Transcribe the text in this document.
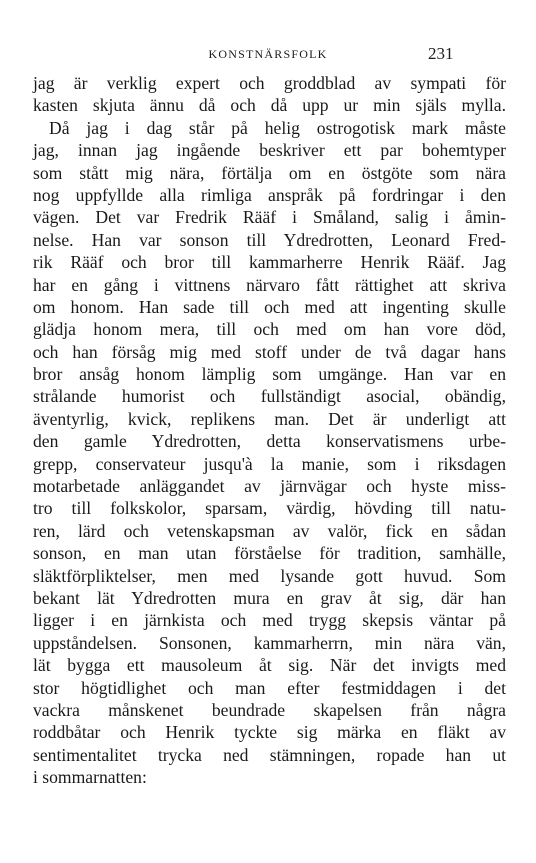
KONSTNÄRSFOLK	231
jag är verklig expert och groddblad av sympati för
kasten skjuta ännu då och då upp ur min själs mylla.
Då jag i dag står på helig ostrogotisk mark måste
jag, innan jag ingående beskriver ett par bohemtyper
som stått mig nära, förtälja om en östgöte som nära
nog uppfyllde alla rimliga anspråk på fordringar i den
vägen. Det var Fredrik Rääf i Småland, salig i åmin-
nelse. Han var sonson till Ydredrotten, Leonard Fred-
rik Rääf och bror till kammarherre Henrik Rääf. Jag
har en gång i vittnens närvaro fått rättighet att skriva
om honom. Han sade till och med att ingenting skulle
glädja honom mera, till och med om han vore död,
och han försåg mig med stoff under de två dagar hans
bror ansåg honom lämplig som umgänge. Han var en
strålande humorist och fullständigt asocial, obändig,
äventyrlig, kvick, replikens man. Det är underligt att
den gamle Ydredrotten, detta konservatismens urbe-
grepp, conservateur jusqu'à la manie, som i riksdagen
motarbetade anläggandet av järnvägar och hyste miss-
tro till folkskolor, sparsam, värdig, hövding till natu-
ren, lärd och vetenskapsman av valör, fick en sådan
sonson, en man utan förståelse för tradition, samhälle,
släktförpliktelser, men med lysande gott huvud. Som
bekant lät Ydredrotten mura en grav åt sig, där han
ligger i en järnkista och med trygg skepsis väntar på
uppståndelsen. Sonsonen, kammarherrn, min nära vän,
lät bygga ett mausoleum åt sig. När det invigts med
stor högtidlighet och man efter festmiddagen i det
vackra månskenet beundrade skapelsen från några
roddbåtar och Henrik tyckte sig märka en fläkt av
sentimentalitet trycka ned stämningen, ropade han ut
i sommarnatten:
